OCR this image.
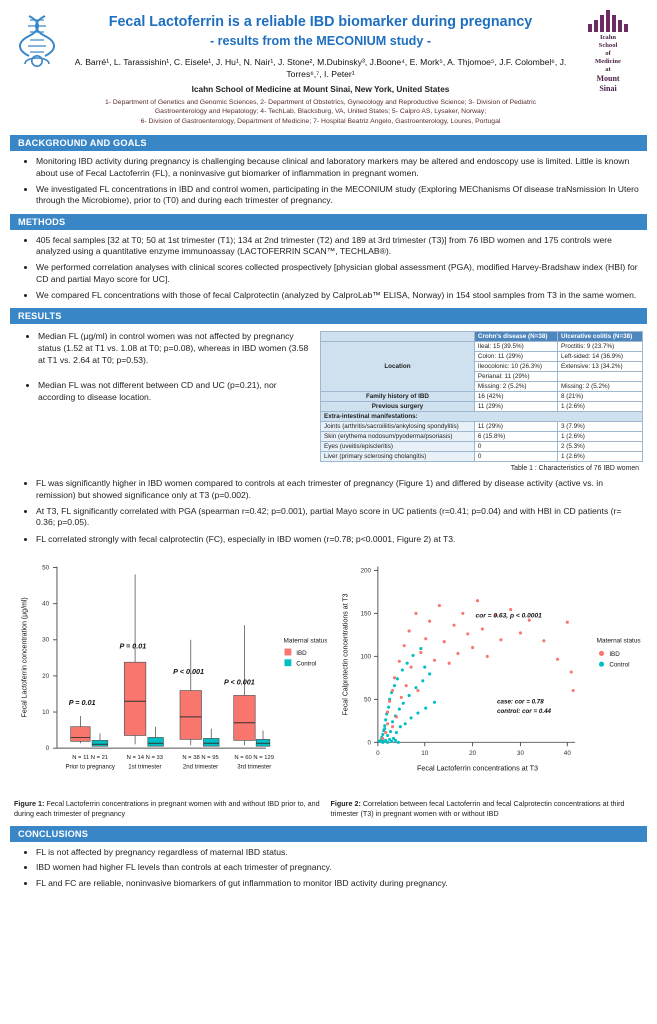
Fecal Lactoferrin is a reliable IBD biomarker during pregnancy
- results from the MECONIUM study -
A. Barré¹, L. Tarassishin¹, C. Eisele¹, J. Hu¹, N. Nair¹, J. Stone², M.Dubinsky³, J.Boone⁴, E. Mork⁵, A. Thjomoe⁵, J.F. Colombel⁶, J. Torres⁶,⁷, I. Peter¹
Icahn School of Medicine at Mount Sinai, New York, United States
1- Department of Genetics and Genomic Sciences, 2- Department of Obstetrics, Gynecology and Reproductive Science; 3- Division of Pediatric
Gastroenterology and Hepatology; 4- TechLab, Blacksburg, VA, United States; 5- Calpro AS, Lysaker, Norway;
6- Division of Gastroenterology, Department of Medicine; 7- Hospital Beatriz Angelo, Gastroenterology, Loures, Portugal
Icahn
School
of
Medicine
at
Mount
Sinai
BACKGROUND AND GOALS
• Monitoring IBD activity during pregnancy is challenging because clinical and laboratory markers may be altered and endoscopy use is limited. Little is known about use of Fecal Lactoferrin (FL), a noninvasive gut biomarker of inflammation in pregnant women.
• We investigated FL concentrations in IBD and control women, participating in the MECONIUM study (Exploring MEChanisms Of disease traNsmission In Utero through the Microbiome), prior to (T0) and during each trimester of pregnancy.
METHODS
• 405 fecal samples [32 at T0; 50 at 1st trimester (T1); 134 at 2nd trimester (T2) and 189 at 3rd trimester (T3)] from 76 IBD women and 175 controls were analyzed using a quantitative enzyme immunoassay (LACTOFERRIN SCAN™, TECHLAB®).
• We performed correlation analyses with clinical scores collected prospectively [physician global assessment (PGA), modified Harvey-Bradshaw index (HBI) for CD and partial Mayo score for UC].
• We compared FL concentrations with those of fecal Calprotectin (analyzed by CalproLab™ ELISA, Norway) in 154 stool samples from T3 in the same women.
RESULTS
• Median FL (µg/ml) in control women was not affected by pregnancy status (1.52 at T1 vs. 1.08 at T0; p=0.08), whereas in IBD women (3.58 at T1 vs. 2.64 at T0; p=0.53).
• Median FL was not different between CD and UC (p=0.21), nor according to disease location.
	Crohn's disease (N=38)	Ulcerative colitis (N=38)
Location	Ileal: 15 (39.5%)	Proctitis: 9 (23.7%)
	Colon: 11 (29%)	Left-sided: 14 (36.9%)
	Ileocolonic: 10 (26.3%)	Extensive: 13 (34.2%)
	Perianal: 11 (29%)	
	Missing: 2 (5.2%)	Missing: 2 (5.2%)
Family history of IBD	16 (42%)	8 (21%)
Previous surgery	11 (29%)	1 (2.6%)
Extra-intestinal manifestations:		
Joints (arthritis/sacroiliitis/ankylosing spondylitis)	11 (29%)	3 (7.9%)
Skin (erythema nodosum/pyoderma/psoriasis)	6 (15.8%)	1 (2.6%)
Eyes (uveitis/episcleritis)	0	2 (5.3%)
Liver (primary sclerosing cholangitis)	0	1 (2.6%)
Table 1 : Characteristics of 76 IBD women
• FL was significantly higher in IBD women compared to controls at each trimester of pregnancy (Figure 1) and differed by disease activity (active vs. in remission) but showed significance only at T3 (p=0.002).
• At T3, FL significantly correlated with PGA (spearman r=0.42; p=0.001), partial Mayo score in UC patients (r=0.41; p=0.04) and with HBI in CD patients (r= 0.36; p=0.05).
• FL correlated strongly with fecal calprotectin (FC), especially in IBD women (r=0.78; p<0.0001, Figure 2) at T3.
0
10
20
30
40
50
Fecal Lactoferrin concentration (µg/ml)	P = 0.01
P = 0.01
P < 0.001
P < 0.001
N = 11 N = 21	N = 14 N = 33	N = 38 N = 95	N = 60 N = 129
Prior to pregnancy 1st trimester	2nd trimester	3rd trimester
Maternal status
IBD
Control
Figure 1: Fecal Lactoferrin concentrations in pregnant women with and without IBD prior to, and during each trimester of pregnancy
0
50
100
150
200
0	10	20	30	40
Fecal Calprotectin concentrations at T3
Fecal Lactoferrin concentrations at T3
cor = 0.63, p < 0.0001
case: cor = 0.78
control: cor = 0.44
Maternal status
IBD
Control
Figure 2: Correlation between fecal Lactoferrin and fecal Calprotectin concentrations at third trimester (T3) in pregnant women with or without IBD
CONCLUSIONS
• FL is not affected by pregnancy regardless of maternal IBD status.
• IBD women had higher FL levels than controls at each trimester of pregnancy.
• FL and FC are reliable, noninvasive biomarkers of gut inflammation to monitor IBD activity during pregnancy.
